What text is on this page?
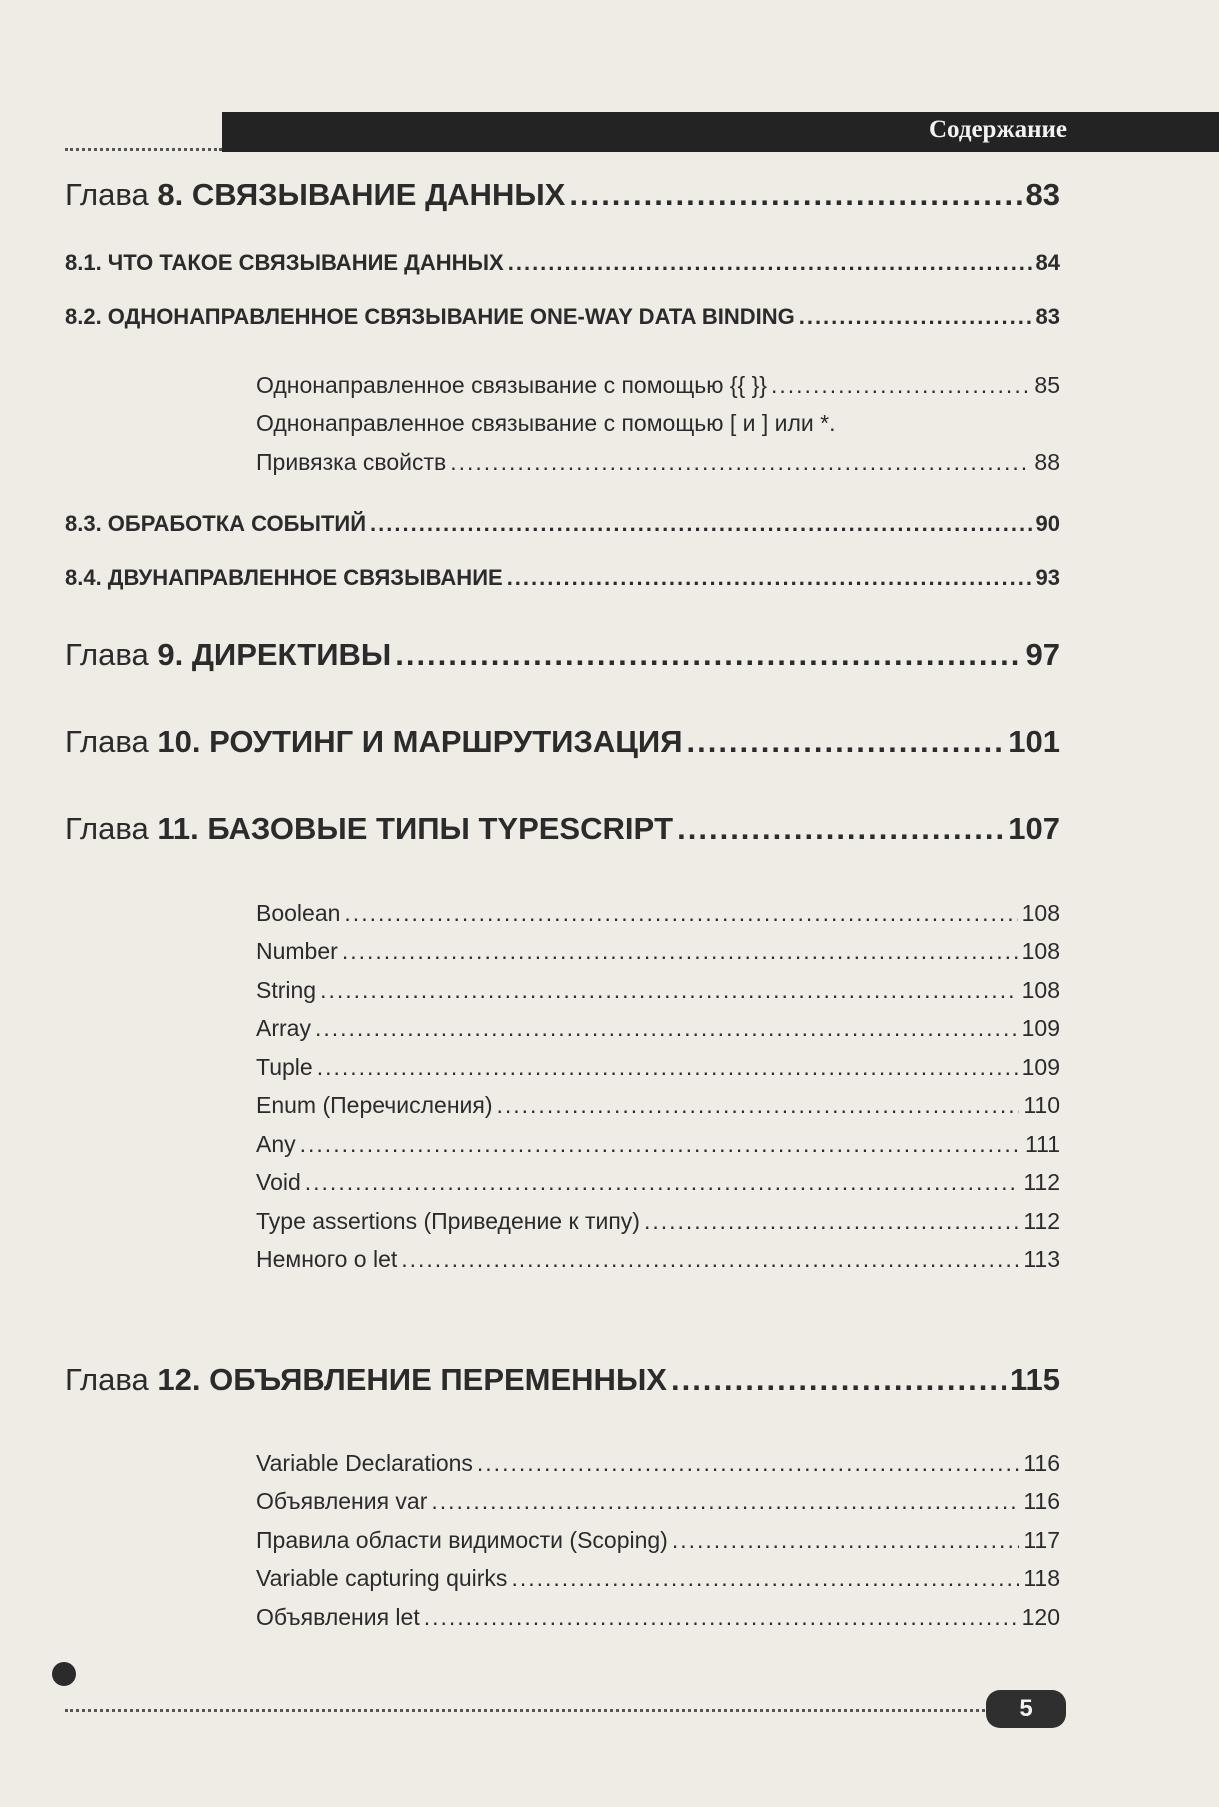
Содержание
Глава 8. СВЯЗЫВАНИЕ ДАННЫХ .....	83
8.1. ЧТО ТАКОЕ СВЯЗЫВАНИЕ ДАННЫХ .....	84
8.2. ОДНОНАПРАВЛЕННОЕ СВЯЗЫВАНИЕ ONE-WAY DATA BINDING .....	83
Однонаправленное связывание с помощью {{ }} .....	85
Однонаправленное связывание с помощью [ и ] или *.
Привязка свойств .....	88
8.3. ОБРАБОТКА СОБЫТИЙ .....	90
8.4. ДВУНАПРАВЛЕННОЕ СВЯЗЫВАНИЕ .....	93
Глава 9. ДИРЕКТИВЫ .....	97
Глава 10. РОУТИНГ И МАРШРУТИЗАЦИЯ .....	101
Глава 11. БАЗОВЫЕ ТИПЫ TYPESCRIPT .....	107
Boolean .....	108
Number .....	108
String .....	108
Array .....	109
Tuple .....	109
Enum (Перечисления) .....	110
Any .....	111
Void .....	112
Type assertions (Приведение к типу) .....	112
Немного о let .....	113
Глава 12. ОБЪЯВЛЕНИЕ ПЕРЕМЕННЫХ .....	115
Variable Declarations .....	116
Объявления var .....	116
Правила области видимости (Scoping) .....	117
Variable capturing quirks .....	118
Объявления let .....	120
5
